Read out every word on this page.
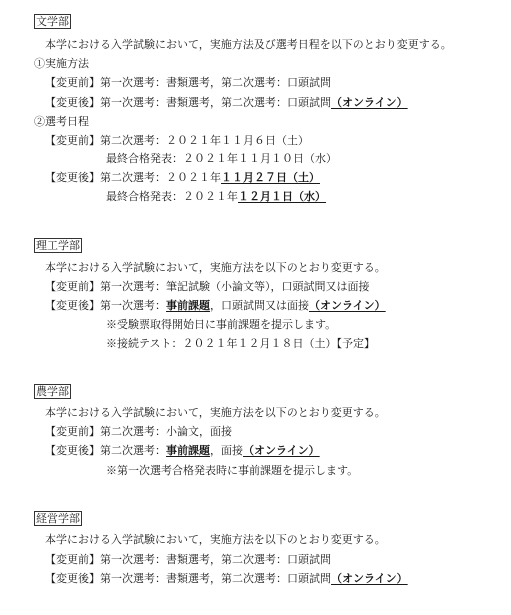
文学部
本学における入学試験において，実施方法及び選考日程を以下のとおり変更する。
①実施方法
【変更前】第一次選考：書類選考，第二次選考：口頭試問
【変更後】第一次選考：書類選考，第二次選考：口頭試問（オンライン）
②選考日程
【変更前】第二次選考：２０２１年１１月６日（土）
最終合格発表：２０２１年１１月１０日（水）
【変更後】第二次選考：２０２１年１１月２７日（土）
最終合格発表：２０２１年１２月１日（水）
理工学部
本学における入学試験において，実施方法を以下のとおり変更する。
【変更前】第一次選考：筆記試験（小論文等），口頭試問又は面接
【変更後】第一次選考：事前課題，口頭試問又は面接（オンライン）
※受験票取得開始日に事前課題を提示します。
※接続テスト：２０２１年１２月１８日（土）【予定】
農学部
本学における入学試験において，実施方法を以下のとおり変更する。
【変更前】第二次選考：小論文，面接
【変更後】第二次選考：事前課題，面接（オンライン）
※第一次選考合格発表時に事前課題を提示します。
経営学部
本学における入学試験において，実施方法を以下のとおり変更する。
【変更前】第一次選考：書類選考，第二次選考：口頭試問
【変更後】第一次選考：書類選考，第二次選考：口頭試問（オンライン）
